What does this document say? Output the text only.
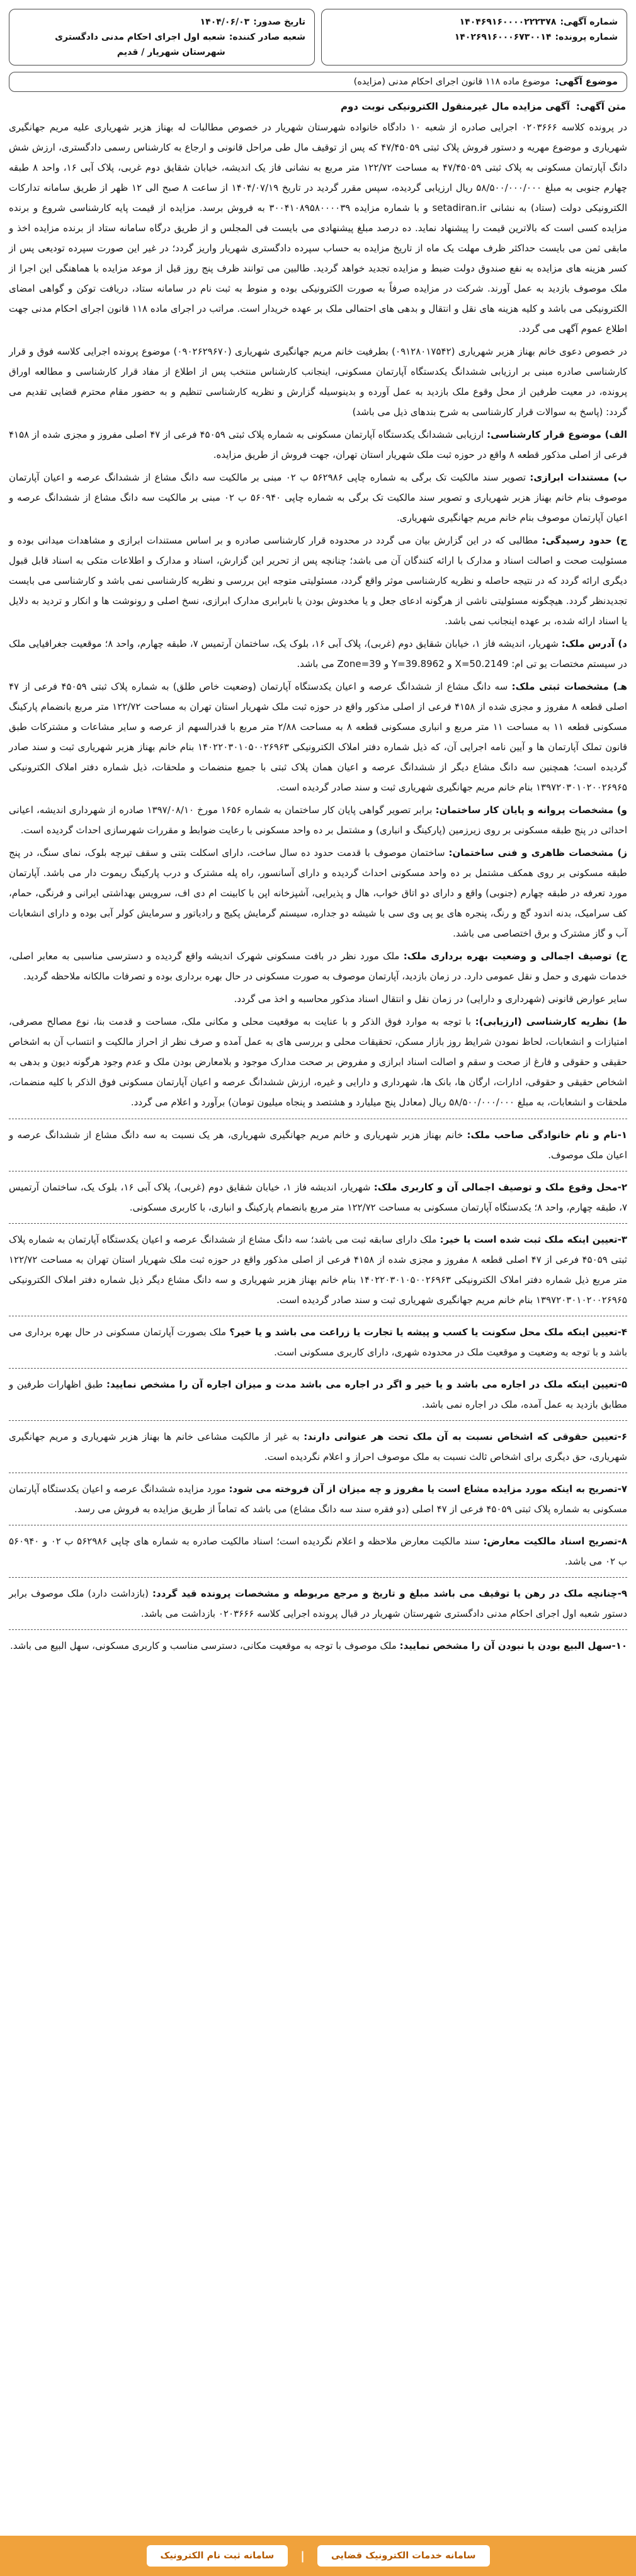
شماره آگهی:
۱۴۰۴۶۹۱۶۰۰۰۰۲۲۲۳۷۸
شماره پرونده:
۱۴۰۲۶۹۱۶۰۰۰۶۷۳۰۰۱۴
تاریخ صدور:
۱۴۰۴/۰۶/۰۳
شعبه صادر کننده:
شعبه اول اجرای احکام مدنی دادگستری شهرستان شهریار / قدیم
موضوع آگهی:
موضوع ماده ۱۱۸ قانون اجرای احکام مدنی (مزایده)
متن آگهی:
آگهی مزایده مال غیرمنقول الکترونیکی نوبت دوم
در پرونده کلاسه ۰۲۰۳۶۶۶ اجرایی صادره از شعبه ۱۰ دادگاه خانواده شهرستان شهریار در خصوص مطالبات له بهناز هزبر شهریاری علیه مریم جهانگیری شهریاری و موضوع مهریه و دستور فروش پلاک ثبتی ۴۷/۴۵۰۵۹ که پس از توقیف مال طی مراحل قانونی و ارجاع به کارشناس رسمی دادگستری، ارزش شش دانگ آپارتمان مسکونی به پلاک ثبتی ۴۷/۴۵۰۵۹ به مساحت ۱۲۲/۷۲ متر مربع به نشانی فاز یک اندیشه، خیابان شقایق دوم غربی، پلاک آبی ۱۶، واحد ۸ طبقه چهارم جنوبی به مبلغ ۵۸/۵۰۰/۰۰۰/۰۰۰ ریال ارزیابی گردیده، سپس مقرر گردید در تاریخ ۱۴۰۴/۰۷/۱۹ از ساعت ۸ صبح الی ۱۲ ظهر از طریق سامانه تدارکات الکترونیکی دولت (ستاد) به نشانی setadiran.ir و با شماره مزایده ۳۰۰۴۱۰۸۹۵۸۰۰۰۰۳۹ به فروش برسد. مزایده از قیمت پایه کارشناسی شروع و برنده مزایده کسی است که بالاترین قیمت را پیشنهاد نماید. ده درصد مبلغ پیشنهادی می بایست فی المجلس و از طریق درگاه سامانه ستاد از برنده مزایده اخذ و مابقی ثمن می بایست حداکثر ظرف مهلت یک ماه از تاریخ مزایده به حساب سپرده دادگستری شهریار واریز گردد؛ در غیر این صورت سپرده تودیعی پس از کسر هزینه های مزایده به نفع صندوق دولت ضبط و مزایده تجدید خواهد گردید. طالبین می توانند ظرف پنج روز قبل از موعد مزایده با هماهنگی این اجرا از ملک موصوف بازدید به عمل آورند. شرکت در مزایده صرفاً به صورت الکترونیکی بوده و منوط به ثبت نام در سامانه ستاد، دریافت توکن و گواهی امضای الکترونیکی می باشد و کلیه هزینه های نقل و انتقال و بدهی های احتمالی ملک بر عهده خریدار است. مراتب در اجرای ماده ۱۱۸ قانون اجرای احکام مدنی جهت اطلاع عموم آگهی می گردد.
در خصوص دعوی خانم بهناز هزبر شهریاری (۰۹۱۲۸۰۱۷۵۴۲) بطرفیت خانم مریم جهانگیری شهریاری (۰۹۰۲۶۲۹۶۷۰) موضوع پرونده اجرایی کلاسه فوق و قرار کارشناسی صادره مبنی بر ارزیابی ششدانگ یکدستگاه آپارتمان مسکونی، اینجانب کارشناس منتخب پس از اطلاع از مفاد قرار کارشناسی و مطالعه اوراق پرونده، در معیت طرفین از محل وقوع ملک بازدید به عمل آورده و بدینوسیله گزارش و نظریه کارشناسی تنظیم و به حضور مقام محترم قضایی تقدیم می گردد: (پاسخ به سوالات قرار کارشناسی به شرح بندهای ذیل می باشد)
الف) موضوع قرار کارشناسی: ارزیابی ششدانگ یکدستگاه آپارتمان مسکونی به شماره پلاک ثبتی ۴۵۰۵۹ فرعی از ۴۷ اصلی مفروز و مجزی شده از ۴۱۵۸ فرعی از اصلی مذکور قطعه ۸ واقع در حوزه ثبت ملک شهریار استان تهران، جهت فروش از طریق مزایده.
ب) مستندات ابرازی: تصویر سند مالکیت تک برگی به شماره چاپی ۵۶۲۹۸۶ ب ۰۲ مبنی بر مالکیت سه دانگ مشاع از ششدانگ عرصه و اعیان آپارتمان موصوف بنام خانم بهناز هزبر شهریاری و تصویر سند مالکیت تک برگی به شماره چاپی ۵۶۰۹۴۰ ب ۰۲ مبنی بر مالکیت سه دانگ مشاع از ششدانگ عرصه و اعیان آپارتمان موصوف بنام خانم مریم جهانگیری شهریاری.
ج) حدود رسیدگی: مطالبی که در این گزارش بیان می گردد در محدوده قرار کارشناسی صادره و بر اساس مستندات ابرازی و مشاهدات میدانی بوده و مسئولیت صحت و اصالت اسناد و مدارک با ارائه کنندگان آن می باشد؛ چنانچه پس از تحریر این گزارش، اسناد و مدارک و اطلاعات متکی به اسناد قابل قبول دیگری ارائه گردد که در نتیجه حاصله و نظریه کارشناسی موثر واقع گردد، مسئولیتی متوجه این بررسی و نظریه کارشناسی نمی باشد و کارشناسی می بایست تجدیدنظر گردد. هیچگونه مسئولیتی ناشی از هرگونه ادعای جعل و یا مخدوش بودن یا نابرابری مدارک ابرازی، نسخ اصلی و رونوشت ها و انکار و تردید به دلایل یا اسناد ارائه شده، بر عهده اینجانب نمی باشد.
د) آدرس ملک: شهریار، اندیشه فاز ۱، خیابان شقایق دوم (غربی)، پلاک آبی ۱۶، بلوک یک، ساختمان آرتمیس ۷، طبقه چهارم، واحد ۸؛ موقعیت جغرافیایی ملک در سیستم مختصات یو تی ام: X=50.2149 و Y=39.8962 و Zone=39 می باشد.
هـ) مشخصات ثبتی ملک: سه دانگ مشاع از ششدانگ عرصه و اعیان یکدستگاه آپارتمان (وضعیت خاص طلق) به شماره پلاک ثبتی ۴۵۰۵۹ فرعی از ۴۷ اصلی قطعه ۸ مفروز و مجزی شده از ۴۱۵۸ فرعی از اصلی مذکور واقع در حوزه ثبت ملک شهریار استان تهران به مساحت ۱۲۲/۷۲ متر مربع بانضمام پارکینگ مسکونی قطعه ۱۱ به مساحت ۱۱ متر مربع و انباری مسکونی قطعه ۸ به مساحت ۲/۸۸ متر مربع با قدرالسهم از عرصه و سایر مشاعات و مشترکات طبق قانون تملک آپارتمان ها و آیین نامه اجرایی آن، که ذیل شماره دفتر املاک الکترونیکی ۱۴۰۲۲۰۳۰۱۰۵۰۰۲۶۹۶۳ بنام خانم بهناز هزبر شهریاری ثبت و سند صادر گردیده است؛ همچنین سه دانگ مشاع دیگر از ششدانگ عرصه و اعیان همان پلاک ثبتی با جمیع منضمات و ملحقات، ذیل شماره دفتر املاک الکترونیکی ۱۳۹۷۲۰۳۰۱۰۲۰۰۲۶۹۶۵ بنام خانم مریم جهانگیری شهریاری ثبت و سند صادر گردیده است.
و) مشخصات پروانه و پایان کار ساختمان: برابر تصویر گواهی پایان کار ساختمان به شماره ۱۶۵۶ مورخ ۱۳۹۷/۰۸/۱۰ صادره از شهرداری اندیشه، اعیانی احداثی در پنج طبقه مسکونی بر روی زیرزمین (پارکینگ و انباری) و مشتمل بر ده واحد مسکونی با رعایت ضوابط و مقررات شهرسازی احداث گردیده است.
ز) مشخصات ظاهری و فنی ساختمان: ساختمان موصوف با قدمت حدود ده سال ساخت، دارای اسکلت بتنی و سقف تیرچه بلوک، نمای سنگ، در پنج طبقه مسکونی بر روی همکف مشتمل بر ده واحد مسکونی احداث گردیده و دارای آسانسور، راه پله مشترک و درب پارکینگ ریموت دار می باشد. آپارتمان مورد تعرفه در طبقه چهارم (جنوبی) واقع و دارای دو اتاق خواب، هال و پذیرایی، آشپزخانه اپن با کابینت ام دی اف، سرویس بهداشتی ایرانی و فرنگی، حمام، کف سرامیک، بدنه اندود گچ و رنگ، پنجره های یو پی وی سی با شیشه دو جداره، سیستم گرمایش پکیج و رادیاتور و سرمایش کولر آبی بوده و دارای انشعابات آب و گاز مشترک و برق اختصاصی می باشد.
ح) توصیف اجمالی و وضعیت بهره برداری ملک: ملک مورد نظر در بافت مسکونی شهرک اندیشه واقع گردیده و دسترسی مناسبی به معابر اصلی، خدمات شهری و حمل و نقل عمومی دارد. در زمان بازدید، آپارتمان موصوف به صورت مسکونی در حال بهره برداری بوده و تصرفات مالکانه ملاحظه گردید.
سایر عوارض قانونی (شهرداری و دارایی) در زمان نقل و انتقال اسناد مذکور محاسبه و اخذ می گردد.
ط) نظریه کارشناسی (ارزیابی): با توجه به موارد فوق الذکر و با عنایت به موقعیت محلی و مکانی ملک، مساحت و قدمت بنا، نوع مصالح مصرفی، امتیازات و انشعابات، لحاظ نمودن شرایط روز بازار مسکن، تحقیقات محلی و بررسی های به عمل آمده و صرف نظر از احراز مالکیت و انتساب آن به اشخاص حقیقی و حقوقی و فارغ از صحت و سقم و اصالت اسناد ابرازی و مفروض بر صحت مدارک موجود و بلامعارض بودن ملک و عدم وجود هرگونه دیون و بدهی به اشخاص حقیقی و حقوقی، ادارات، ارگان ها، بانک ها، شهرداری و دارایی و غیره، ارزش ششدانگ عرصه و اعیان آپارتمان مسکونی فوق الذکر با کلیه منضمات، ملحقات و انشعابات، به مبلغ ۵۸/۵۰۰/۰۰۰/۰۰۰ ریال (معادل پنج میلیارد و هشتصد و پنجاه میلیون تومان) برآورد و اعلام می گردد.
۱-نام و نام خانوادگی صاحب ملک: خانم بهناز هزبر شهریاری و خانم مریم جهانگیری شهریاری، هر یک نسبت به سه دانگ مشاع از ششدانگ عرصه و اعیان ملک موصوف.
۲-محل وقوع ملک و توصیف اجمالی آن و کاربری ملک: شهریار، اندیشه فاز ۱، خیابان شقایق دوم (غربی)، پلاک آبی ۱۶، بلوک یک، ساختمان آرتمیس ۷، طبقه چهارم، واحد ۸؛ یکدستگاه آپارتمان مسکونی به مساحت ۱۲۲/۷۲ متر مربع بانضمام پارکینگ و انباری، با کاربری مسکونی.
۳-تعیین اینکه ملک ثبت شده است یا خیر: ملک دارای سابقه ثبت می باشد؛ سه دانگ مشاع از ششدانگ عرصه و اعیان یکدستگاه آپارتمان به شماره پلاک ثبتی ۴۵۰۵۹ فرعی از ۴۷ اصلی قطعه ۸ مفروز و مجزی شده از ۴۱۵۸ فرعی از اصلی مذکور واقع در حوزه ثبت ملک شهریار استان تهران به مساحت ۱۲۲/۷۲ متر مربع ذیل شماره دفتر املاک الکترونیکی ۱۴۰۲۲۰۳۰۱۰۵۰۰۲۶۹۶۳ بنام خانم بهناز هزبر شهریاری و سه دانگ مشاع دیگر ذیل شماره دفتر املاک الکترونیکی ۱۳۹۷۲۰۳۰۱۰۲۰۰۲۶۹۶۵ بنام خانم مریم جهانگیری شهریاری ثبت و سند صادر گردیده است.
۴-تعیین اینکه ملک محل سکونت یا کسب و پیشه یا تجارت یا زراعت می باشد و یا خیر؟ ملک بصورت آپارتمان مسکونی در حال بهره برداری می باشد و با توجه به وضعیت و موقعیت ملک در محدوده شهری، دارای کاربری مسکونی است.
۵-تعیین اینکه ملک در اجاره می باشد و یا خیر و اگر در اجاره می باشد مدت و میزان اجاره آن را مشخص نمایید: طبق اظهارات طرفین و مطابق بازدید به عمل آمده، ملک در اجاره نمی باشد.
۶-تعیین حقوقی که اشخاص نسبت به آن ملک تحت هر عنوانی دارند: به غیر از مالکیت مشاعی خانم ها بهناز هزبر شهریاری و مریم جهانگیری شهریاری، حق دیگری برای اشخاص ثالث نسبت به ملک موصوف احراز و اعلام نگردیده است.
۷-تصریح به اینکه مورد مزایده مشاع است یا مفروز و چه میزان از آن فروخته می شود: مورد مزایده ششدانگ عرصه و اعیان یکدستگاه آپارتمان مسکونی به شماره پلاک ثبتی ۴۵۰۵۹ فرعی از ۴۷ اصلی (دو فقره سند سه دانگ مشاع) می باشد که تماماً از طریق مزایده به فروش می رسد.
۸-تصریح اسناد مالکیت معارض: سند مالکیت معارض ملاحظه و اعلام نگردیده است؛ اسناد مالکیت صادره به شماره های چاپی ۵۶۲۹۸۶ ب ۰۲ و ۵۶۰۹۴۰ ب ۰۲ می باشد.
۹-چنانچه ملک در رهن یا توقیف می باشد مبلغ و تاریخ و مرجع مربوطه و مشخصات پرونده قید گردد: (بازداشت دارد) ملک موصوف برابر دستور شعبه اول اجرای احکام مدنی دادگستری شهرستان شهریار در قبال پرونده اجرایی کلاسه ۰۲۰۳۶۶۶ بازداشت می باشد.
۱۰-سهل البیع بودن یا نبودن آن را مشخص نمایید: ملک موصوف با توجه به موقعیت مکانی، دسترسی مناسب و کاربری مسکونی، سهل البیع می باشد.
سامانه خدمات الکترونیک قضایی
|
سامانه ثبت نام الکترونیک
